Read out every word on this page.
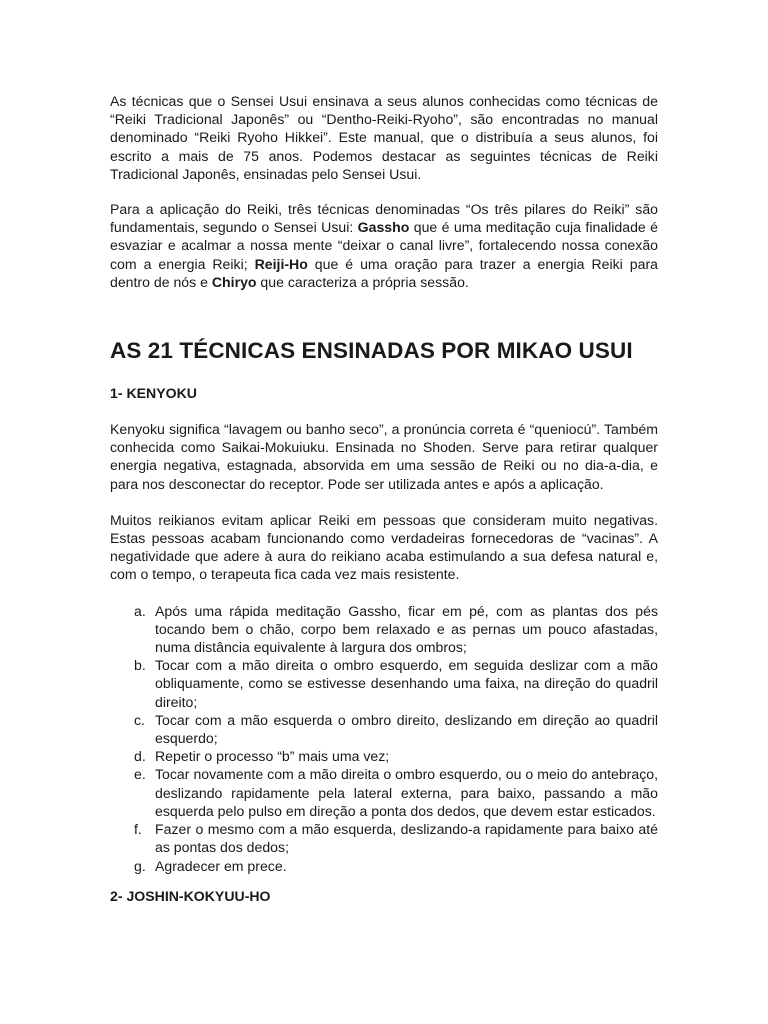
As técnicas que o Sensei Usui ensinava a seus alunos conhecidas como técnicas de “Reiki Tradicional Japonês” ou “Dentho-Reiki-Ryoho”, são encontradas no manual denominado “Reiki Ryoho Hikkei”. Este manual, que o distribuía a seus alunos, foi escrito a mais de 75 anos. Podemos destacar as seguintes técnicas de Reiki Tradicional Japonês, ensinadas pelo Sensei Usui.

Para a aplicação do Reiki, três técnicas denominadas “Os três pilares do Reiki” são fundamentais, segundo o Sensei Usui: Gassho que é uma meditação cuja finalidade é esvaziar e acalmar a nossa mente “deixar o canal livre”, fortalecendo nossa conexão com a energia Reiki; Reiji-Ho que é uma oração para trazer a energia Reiki para dentro de nós e Chiryo que caracteriza a própria sessão.

AS 21 TÉCNICAS ENSINADAS POR MIKAO USUI
1- KENYOKU

Kenyoku significa “lavagem ou banho seco”, a pronúncia correta é “queniocú”. Também conhecida como Saikai-Mokuiuku. Ensinada no Shoden. Serve para retirar qualquer energia negativa, estagnada, absorvida em uma sessão de Reiki ou no dia-a-dia, e para nos desconectar do receptor. Pode ser utilizada antes e após a aplicação.

Muitos reikianos evitam aplicar Reiki em pessoas que consideram muito negativas. Estas pessoas acabam funcionando como verdadeiras fornecedoras de “vacinas”. A negatividade que adere à aura do reikiano acaba estimulando a sua defesa natural e, com o tempo, o terapeuta fica cada vez mais resistente.

a. Após uma rápida meditação Gassho, ficar em pé, com as plantas dos pés tocando bem o chão, corpo bem relaxado e as pernas um pouco afastadas, numa distância equivalente à largura dos ombros;
b. Tocar com a mão direita o ombro esquerdo, em seguida deslizar com a mão obliquamente, como se estivesse desenhando uma faixa, na direção do quadril direito;
c. Tocar com a mão esquerda o ombro direito, deslizando em direção ao quadril esquerdo;
d. Repetir o processo “b” mais uma vez;
e. Tocar novamente com a mão direita o ombro esquerdo, ou o meio do antebraço, deslizando rapidamente pela lateral externa, para baixo, passando a mão esquerda pelo pulso em direção a ponta dos dedos, que devem estar esticados.
f. Fazer o mesmo com a mão esquerda, deslizando-a rapidamente para baixo até as pontas dos dedos;
g. Agradecer em prece.
2- JOSHIN-KOKYUU-HO
